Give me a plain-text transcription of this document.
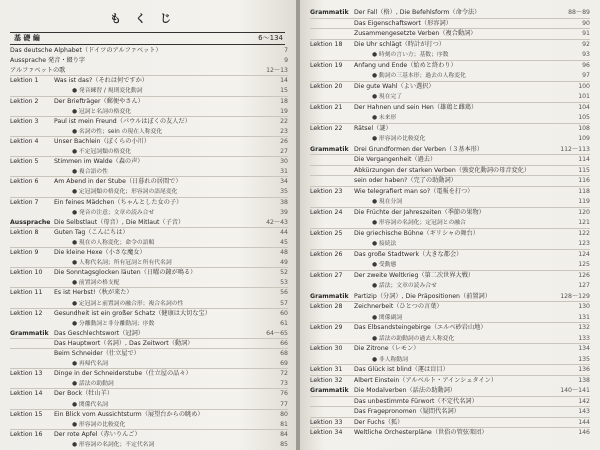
もくじ
基 礎 編	6～134
Das deutsche Alphabet（ドイツのアルファベット）	7
Aussprache 発音・綴り字	9
アルファベットの歌	12～13
Lektion 1	Was ist das?（それは何ですか）	14
● 発音練習 / 規則変化動詞	15
Lektion 2	Der Briefträger（郵便やさん）	18
● 冠詞と名詞の格変化	19
Lektion 3	Paul ist mein Freund（パウルはぼくの友人だ）	22
● 名詞の性；sein の現在人称変化	23
Lektion 4	Unser Bachlein（ぼくらの小川）	26
● 不定冠詞類の格変化	27
Lektion 5	Stimmen im Walde（森の声）	30
● 複合語の性	31
Lektion 6	Am Abend in der Stube（日暮れの居間で）	34
● 定冠詞類の格変化；形容詞の語尾変化	35
Lektion 7	Ein feines Mädchen（ちゃんとした女の子）	38
● 発音の注意；文章の読み合せ	39
Aussprache Die Selbstlaut（母音）, Die Mitlaut（子音）	42～43
Lektion 8	Guten Tag（こんにちは）	44
● 現在の人称変化；命令の語順	45
Lektion 9	Die kleine Hexe（小さな魔女）	48
● 人称代名詞；所有冠詞と所有代名詞	49
Lektion 10	Die Sonntagsglocken läuten（日曜の鐘が鳴る）	52
● 前置詞の格支配	53
Lektion 11	Es ist Herbst!（秋が来た）	56
● 定冠詞と前置詞の融合形；複合名詞の性	57
Lektion 12	Gesundheit ist ein großer Schatz（健康は大切な宝）	60
● 分離動詞と非分離動詞；序数	61
Grammatik Das Geschlechtswort（冠詞）	64～65
Das Hauptwort（名詞）, Das Zeitwort（動詞）	66
Beim Schneider（仕立屋で）	68
● 再帰代名詞	69
Lektion 13	Dinge in der Schneiderstube（仕立屋の品々）	72
● 話法の助動詞	73
Lektion 14	Der Bock（牡山羊）	76
● 関係代名詞	77
Lektion 15	Ein Blick vom Aussichtsturm（展望台からの眺め）	80
● 形容詞の比較変化	81
Lektion 16	Der rote Apfel（赤いりんご）	84
● 形容詞の名詞化；不定代名詞	85
Grammatik Der Fall（格）, Die Befehlsform（命令法）	88～89
Das Eigenschaftswort（形容詞）	90
Zusammengesetzte Verben（複合動詞）	91
Lektion 18	Die Uhr schlägt（時計が打つ）	92
● 時刻の言い方；基数；序数	93
Lektion 19	Anfang und Ende（始めと終わり）	96
● 動詞の三基本形；過去の人称変化	97
Lektion 20	Die gute Wahl（よい選択）	100
● 現在完了	101
Lektion 21	Der Hahnen und sein Hen（雄鶏と雌鶏）	104
● 未来形	105
Lektion 22	Rätsel（謎）	108
● 形容詞の比較変化	109
Grammatik Drei Grundformen der Verben（３基本形）	112～113
Die Vergangenheit（過去）	114
Abkürzungen der starken Verben（強変化動詞の母音変化）	115
sein oder haben?（完了の助動詞）	116
Lektion 23	Wie telegrafiert man so?（電報を打つ）	118
● 現在分詞	119
Lektion 24	Die Früchte der Jahreszeiten（季節の果物）	120
● 形容詞の名詞化；定冠詞との融合	121
Lektion 25	Die griechische Bühne（ギリシャの舞台）	122
● 接続法	123
Lektion 26	Das große Stadtwerk（大きな都会）	124
● 受動態	125
Lektion 27	Der zweite Weltkrieg（第二次世界大戦）	126
● 話法；文章の読み合せ	127
Grammatik Partizip（分詞）, Die Präpositionen（前置詞）	128～129
Lektion 28	Zeichnerbeit（ひとつの言葉）	130
● 関係副詞	131
Lektion 29	Das Elbsandsteingebirge（エルベ砂岩山地）	132
● 話法の助動詞の過去人称変化	133
Lektion 30	Die Zitrone（レモン）	134
● 非人称動詞	135
Lektion 31	Das Glück ist blind（運は盲目）	136
Lektion 32	Albert Einstein（アルベルト・アインシュタイン）	138
Grammatik Die Modalverben（話法の助動詞）	140～141
Das unbestimmte Fürwort（不定代名詞）	142
Das Fragepronomen（疑問代名詞）	143
Lektion 33	Der Fuchs（狐）	144
Lektion 34	Weltliche Orchesterpläne（世俗の管弦楽団）	146
